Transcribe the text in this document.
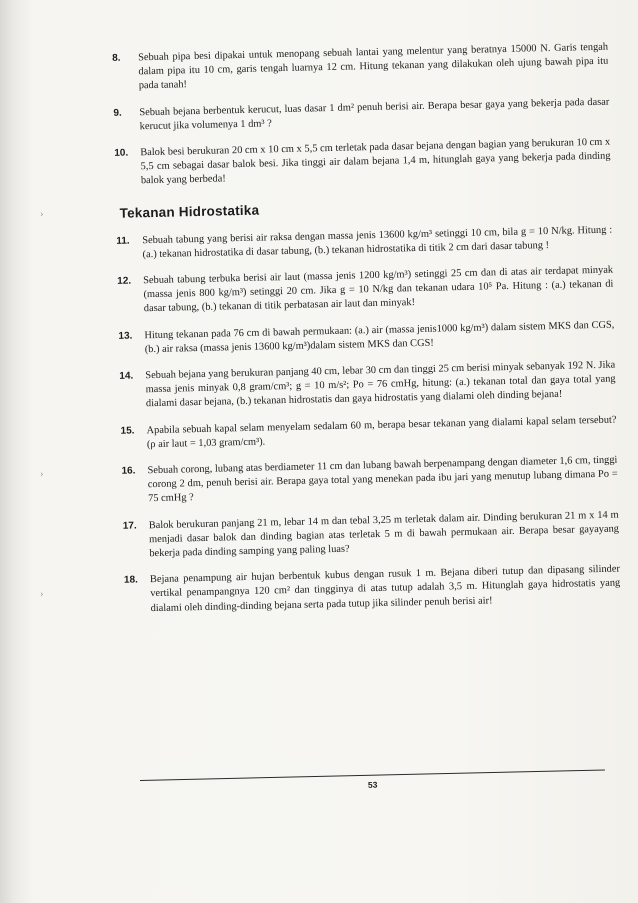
›
›
›
8. Sebuah pipa besi dipakai untuk menopang sebuah lantai yang melentur yang beratnya 15000 N. Garis tengah dalam pipa itu 10 cm, garis tengah luarnya 12 cm. Hitung tekanan yang dilakukan oleh ujung bawah pipa itu pada tanah!
9. Sebuah bejana berbentuk kerucut, luas dasar 1 dm² penuh berisi air. Berapa besar gaya yang bekerja pada dasar kerucut jika volumenya 1 dm³ ?
10. Balok besi berukuran 20 cm x 10 cm x 5,5 cm terletak pada dasar bejana dengan bagian yang berukuran 10 cm x 5,5 cm sebagai dasar balok besi. Jika tinggi air dalam bejana 1,4 m, hitunglah gaya yang bekerja pada dinding balok yang berbeda!
Tekanan Hidrostatika
11. Sebuah tabung yang berisi air raksa dengan massa jenis 13600 kg/m³ setinggi 10 cm, bila g = 10 N/kg. Hitung : (a.) tekanan hidrostatika di dasar tabung, (b.) tekanan hidrostatika di titik 2 cm dari dasar tabung !
12. Sebuah tabung terbuka berisi air laut (massa jenis 1200 kg/m³) setinggi 25 cm dan di atas air terdapat minyak (massa jenis 800 kg/m³) setinggi 20 cm. Jika g = 10 N/kg dan tekanan udara 10⁵ Pa. Hitung : (a.) tekanan di dasar tabung, (b.) tekanan di titik perbatasan air laut dan minyak!
13. Hitung tekanan pada 76 cm di bawah permukaan: (a.) air (massa jenis1000 kg/m³) dalam sistem MKS dan CGS, (b.) air raksa (massa jenis 13600 kg/m³)dalam sistem MKS dan CGS!
14. Sebuah bejana yang berukuran panjang 40 cm, lebar 30 cm dan tinggi 25 cm berisi minyak sebanyak 192 N. Jika massa jenis minyak 0,8 gram/cm³; g = 10 m/s²; Po = 76 cmHg, hitung: (a.) tekanan total dan gaya total yang dialami dasar bejana, (b.) tekanan hidrostatis dan gaya hidrostatis yang dialami oleh dinding bejana!
15. Apabila sebuah kapal selam menyelam sedalam 60 m, berapa besar tekanan yang dialami kapal selam tersebut? (ρ air laut = 1,03 gram/cm³).
16. Sebuah corong, lubang atas berdiameter 11 cm dan lubang bawah berpenampang dengan diameter 1,6 cm, tinggi corong 2 dm, penuh berisi air. Berapa gaya total yang menekan pada ibu jari yang menutup lubang dimana Po = 75 cmHg ?
17. Balok berukuran panjang 21 m, lebar 14 m dan tebal 3,25 m terletak dalam air. Dinding berukuran 21 m x 14 m menjadi dasar balok dan dinding bagian atas terletak 5 m di bawah permukaan air. Berapa besar gayayang bekerja pada dinding samping yang paling luas?
18. Bejana penampung air hujan berbentuk kubus dengan rusuk 1 m. Bejana diberi tutup dan dipasang silinder vertikal penampangnya 120 cm² dan tingginya di atas tutup adalah 3,5 m. Hitunglah gaya hidrostatis yang dialami oleh dinding-dinding bejana serta pada tutup jika silinder penuh berisi air!
53
